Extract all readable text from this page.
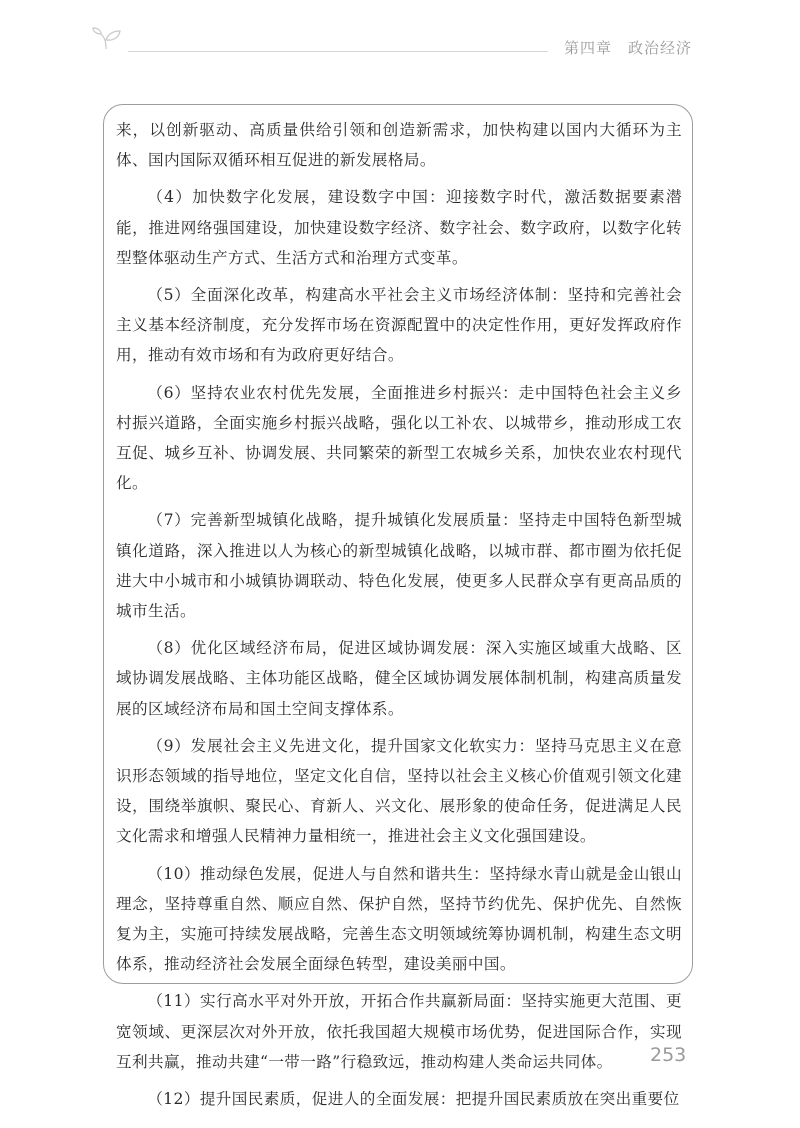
第四章　政治经济

来，以创新驱动、高质量供给引领和创造新需求，加快构建以国内大循环为主体、国内国际双循环相互促进的新发展格局。

（4）加快数字化发展，建设数字中国：迎接数字时代，激活数据要素潜能，推进网络强国建设，加快建设数字经济、数字社会、数字政府，以数字化转型整体驱动生产方式、生活方式和治理方式变革。

（5）全面深化改革，构建高水平社会主义市场经济体制：坚持和完善社会主义基本经济制度，充分发挥市场在资源配置中的决定性作用，更好发挥政府作用，推动有效市场和有为政府更好结合。

（6）坚持农业农村优先发展，全面推进乡村振兴：走中国特色社会主义乡村振兴道路，全面实施乡村振兴战略，强化以工补农、以城带乡，推动形成工农互促、城乡互补、协调发展、共同繁荣的新型工农城乡关系，加快农业农村现代化。

（7）完善新型城镇化战略，提升城镇化发展质量：坚持走中国特色新型城镇化道路，深入推进以人为核心的新型城镇化战略，以城市群、都市圈为依托促进大中小城市和小城镇协调联动、特色化发展，使更多人民群众享有更高品质的城市生活。

（8）优化区域经济布局，促进区域协调发展：深入实施区域重大战略、区域协调发展战略、主体功能区战略，健全区域协调发展体制机制，构建高质量发展的区域经济布局和国土空间支撑体系。

（9）发展社会主义先进文化，提升国家文化软实力：坚持马克思主义在意识形态领域的指导地位，坚定文化自信，坚持以社会主义核心价值观引领文化建设，围绕举旗帜、聚民心、育新人、兴文化、展形象的使命任务，促进满足人民文化需求和增强人民精神力量相统一，推进社会主义文化强国建设。

（10）推动绿色发展，促进人与自然和谐共生：坚持绿水青山就是金山银山理念，坚持尊重自然、顺应自然、保护自然，坚持节约优先、保护优先、自然恢复为主，实施可持续发展战略，完善生态文明领域统筹协调机制，构建生态文明体系，推动经济社会发展全面绿色转型，建设美丽中国。

（11）实行高水平对外开放，开拓合作共赢新局面：坚持实施更大范围、更宽领域、更深层次对外开放，依托我国超大规模市场优势，促进国际合作，实现互利共赢，推动共建“一带一路”行稳致远，推动构建人类命运共同体。

（12）提升国民素质，促进人的全面发展：把提升国民素质放在突出重要位

253
